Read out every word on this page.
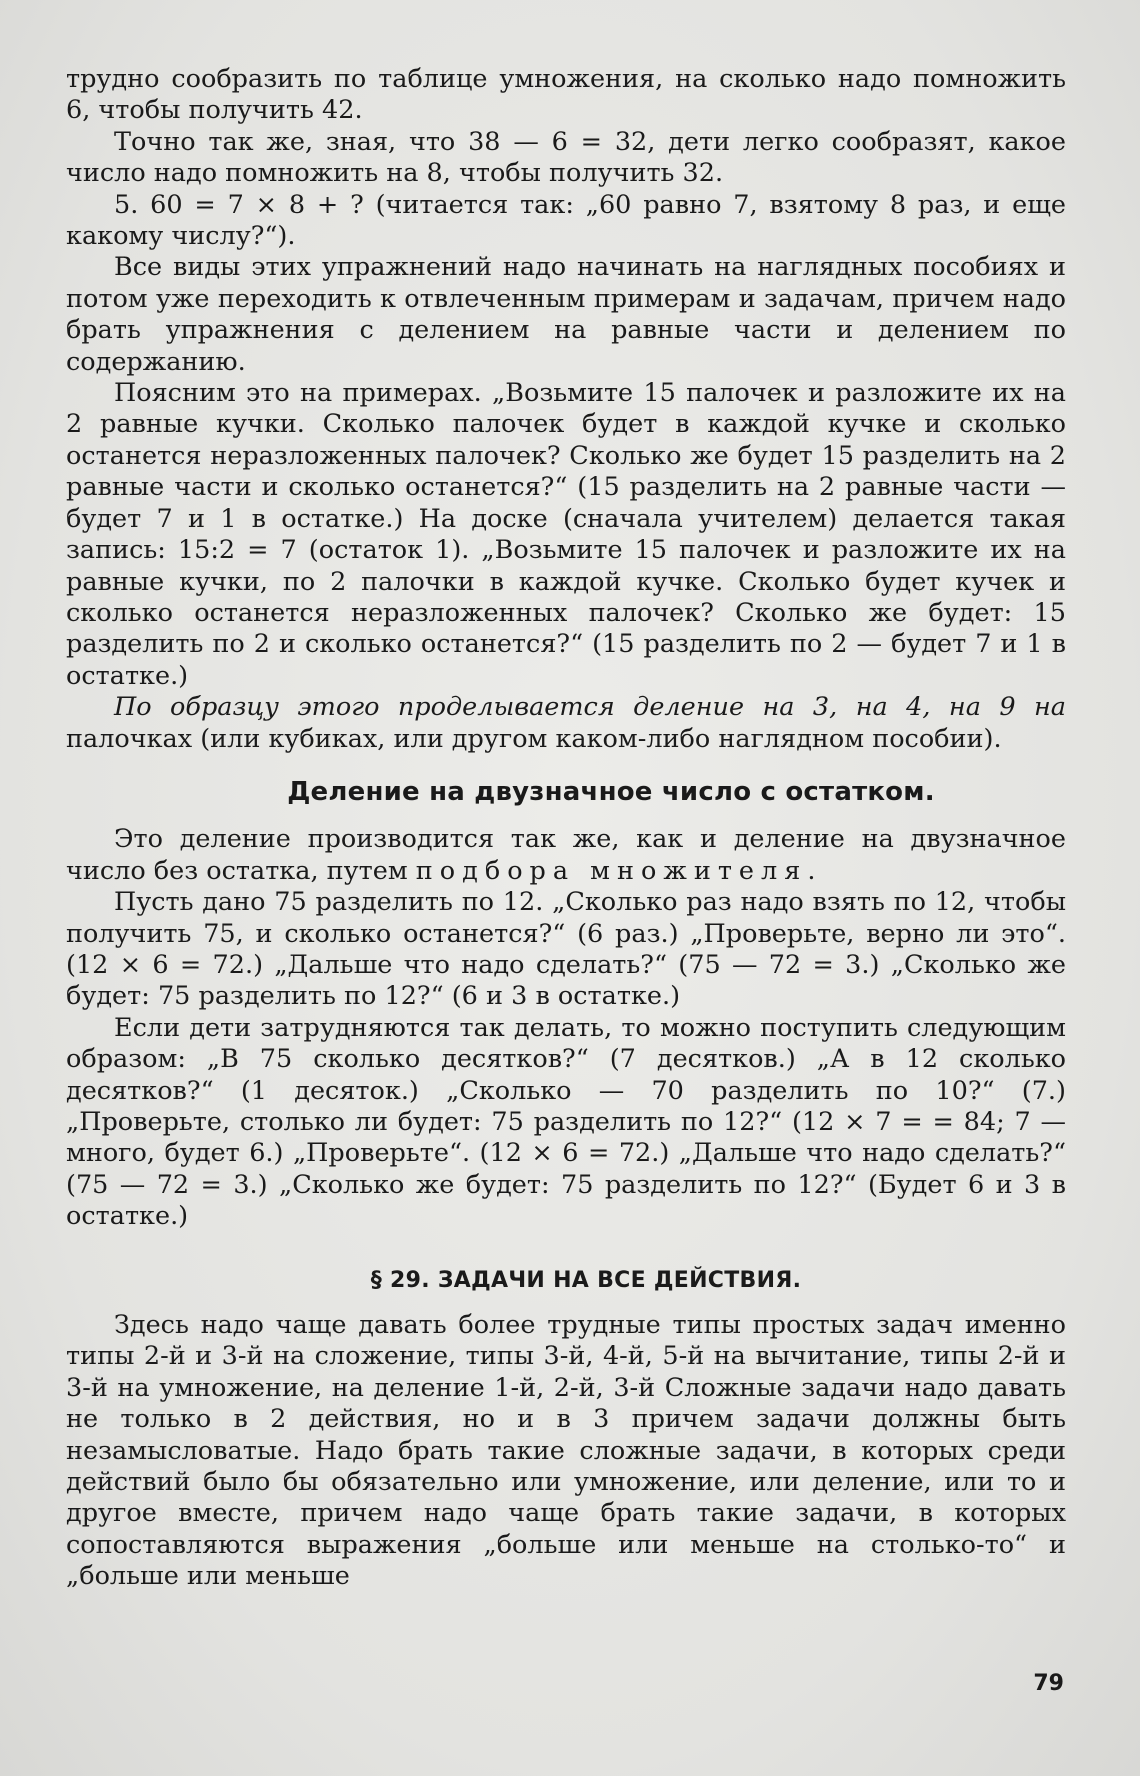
трудно сообразить по таблице умножения, на сколько надо помножить 6, чтобы получить 42.

Точно так же, зная, что 38 — 6 = 32, дети легко сообразят, какое число надо помножить на 8, чтобы получить 32.

5. 60 = 7 × 8 + ? (читается так: „60 равно 7, взятому 8 раз, и еще какому числу?“).

Все виды этих упражнений надо начинать на наглядных пособиях и потом уже переходить к отвлеченным примерам и задачам, причем надо брать упражнения с делением на равные части и делением по содержанию.

Поясним это на примерах. „Возьмите 15 палочек и разложите их на 2 равные кучки. Сколько палочек будет в каждой кучке и сколько останется неразложенных палочек? Сколько же будет 15 разделить на 2 равные части и сколько останется?“ (15 разделить на 2 равные части — будет 7 и 1 в остатке.) На доске (сначала учителем) делается такая запись: 15:2 = 7 (остаток 1). „Возьмите 15 палочек и разложите их на равные кучки, по 2 палочки в каждой кучке. Сколько будет кучек и сколько останется неразложенных палочек? Сколько же будет: 15 разделить по 2 и сколько останется?“ (15 разделить по 2 — будет 7 и 1 в остатке.)

По образцу этого проделывается деление на 3, на 4, на 9 на палочках (или кубиках, или другом каком-либо наглядном пособии).

Деление на двузначное число с остатком.

Это деление производится так же, как и деление на двузначное число без остатка, путем подбора множителя.

Пусть дано 75 разделить по 12. „Сколько раз надо взять по 12, чтобы получить 75, и сколько останется?“ (6 раз.) „Проверьте, верно ли это“. (12 × 6 = 72.) „Дальше что надо сделать?“ (75 — 72 = 3.) „Сколько же будет: 75 разделить по 12?“ (6 и 3 в остатке.)

Если дети затрудняются так делать, то можно поступить следующим образом: „В 75 сколько десятков?“ (7 десятков.) „А в 12 сколько десятков?“ (1 десяток.) „Сколько — 70 разделить по 10?“ (7.) „Проверьте, столько ли будет: 75 разделить по 12?“ (12 × 7 = = 84; 7 — много, будет 6.) „Проверьте“. (12 × 6 = 72.) „Дальше что надо сделать?“ (75 — 72 = 3.) „Сколько же будет: 75 разделить по 12?“ (Будет 6 и 3 в остатке.)

§ 29. ЗАДАЧИ НА ВСЕ ДЕЙСТВИЯ.

Здесь надо чаще давать более трудные типы простых задач именно типы 2-й и 3-й на сложение, типы 3-й, 4-й, 5-й на вычитание, типы 2-й и 3-й на умножение, на деление 1-й, 2-й, 3-й Сложные задачи надо давать не только в 2 действия, но и в 3 причем задачи должны быть незамысловатые. Надо брать такие сложные задачи, в которых среди действий было бы обязательно или умножение, или деление, или то и другое вместе, причем надо чаще брать такие задачи, в которых сопоставляются выражения „больше или меньше на столько-то“ и „больше или меньше

79
